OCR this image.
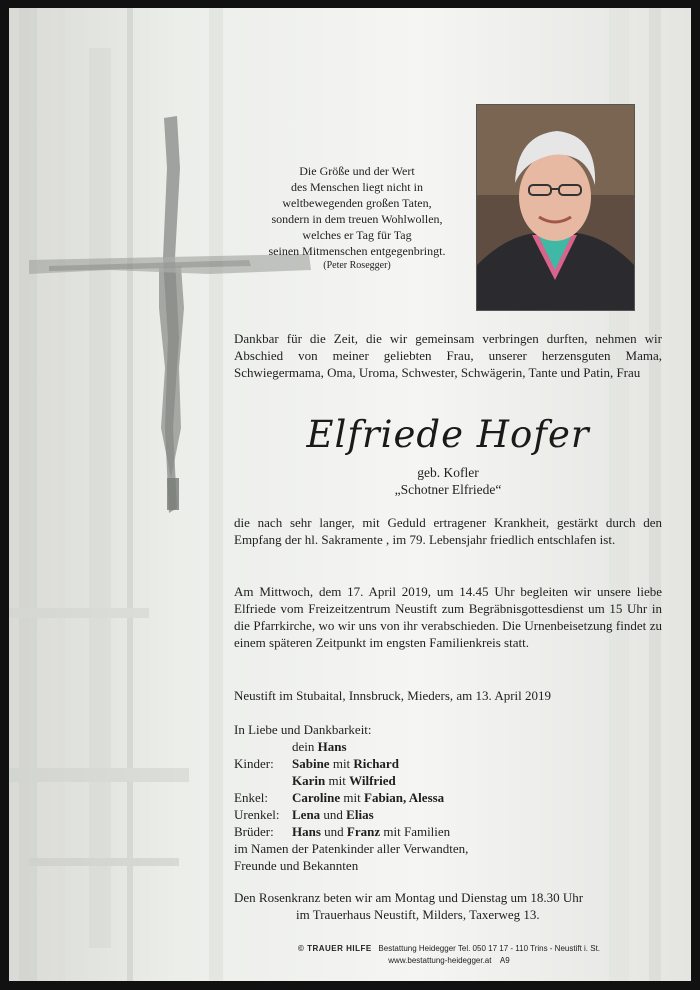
Die Größe und der Wert
des Menschen liegt nicht in
weltbewegenden großen Taten,
sondern in dem treuen Wohlwollen,
welches er Tag für Tag
seinen Mitmenschen entgegenbringt.
(Peter Rosegger)
Dankbar für die Zeit, die wir gemeinsam verbringen durften, nehmen wir Abschied von meiner geliebten Frau, unserer herzensguten Mama, Schwiegermama, Oma, Uroma, Schwester, Schwägerin, Tante und Patin, Frau
Elfriede Hofer
geb. Kofler
„Schotner Elfriede“
die nach sehr langer, mit Geduld ertragener Krankheit, gestärkt durch den Empfang der hl. Sakramente , im 79. Lebensjahr friedlich entschlafen ist.
Am Mittwoch, dem 17. April 2019, um 14.45 Uhr begleiten wir unsere liebe Elfriede vom Freizeitzentrum Neustift zum Begräbnisgottesdienst um 15 Uhr in die Pfarrkirche, wo wir uns von ihr verabschieden. Die Urnenbeisetzung findet zu einem späteren Zeitpunkt im engsten Familienkreis statt.
Neustift im Stubaital, Innsbruck, Mieders, am 13. April 2019
In Liebe und Dankbarkeit:
dein Hans
Kinder:	Sabine mit Richard
Karin mit Wilfried
Enkel:	Caroline mit Fabian, Alessa
Urenkel: Lena und Elias
Brüder:	Hans und Franz mit Familien
im Namen der Patenkinder aller Verwandten,
Freunde und Bekannten
Den Rosenkranz beten wir am Montag und Dienstag um 18.30 Uhr
im Trauerhaus Neustift, Milders, Taxerweg 13.
© TRAUER HILFE Bestattung Heidegger Tel. 050 17 17 - 110 Trins - Neustift i. St.
www.bestattung-heidegger.at A9
